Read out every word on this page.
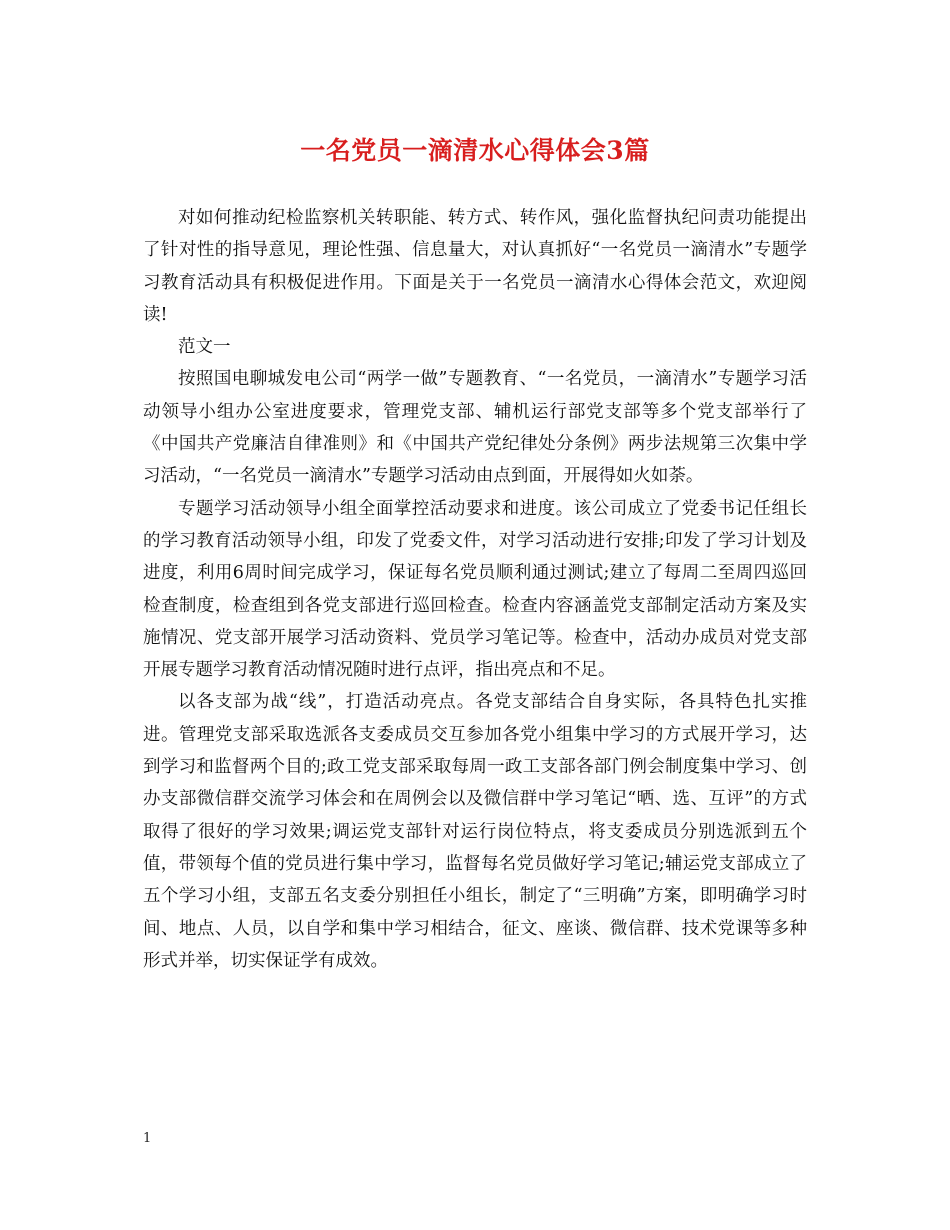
一名党员一滴清水心得体会3篇

对如何推动纪检监察机关转职能、转方式、转作风，强化监督执纪问责功能提出了针对性的指导意见，理论性强、信息量大，对认真抓好“一名党员一滴清水”专题学习教育活动具有积极促进作用。下面是关于一名党员一滴清水心得体会范文，欢迎阅读!

范文一

按照国电聊城发电公司“两学一做”专题教育、“一名党员，一滴清水”专题学习活动领导小组办公室进度要求，管理党支部、辅机运行部党支部等多个党支部举行了《中国共产党廉洁自律准则》和《中国共产党纪律处分条例》两步法规第三次集中学习活动，“一名党员一滴清水”专题学习活动由点到面，开展得如火如荼。

专题学习活动领导小组全面掌控活动要求和进度。该公司成立了党委书记任组长的学习教育活动领导小组，印发了党委文件，对学习活动进行安排;印发了学习计划及进度，利用6周时间完成学习，保证每名党员顺利通过测试;建立了每周二至周四巡回检查制度，检查组到各党支部进行巡回检查。检查内容涵盖党支部制定活动方案及实施情况、党支部开展学习活动资料、党员学习笔记等。检查中，活动办成员对党支部开展专题学习教育活动情况随时进行点评，指出亮点和不足。

以各支部为战“线”，打造活动亮点。各党支部结合自身实际，各具特色扎实推进。管理党支部采取选派各支委成员交互参加各党小组集中学习的方式展开学习，达到学习和监督两个目的;政工党支部采取每周一政工支部各部门例会制度集中学习、创办支部微信群交流学习体会和在周例会以及微信群中学习笔记“晒、选、互评”的方式取得了很好的学习效果;调运党支部针对运行岗位特点，将支委成员分别选派到五个值，带领每个值的党员进行集中学习，监督每名党员做好学习笔记;辅运党支部成立了五个学习小组，支部五名支委分别担任小组长，制定了“三明确”方案，即明确学习时间、地点、人员，以自学和集中学习相结合，征文、座谈、微信群、技术党课等多种形式并举，切实保证学有成效。

1
